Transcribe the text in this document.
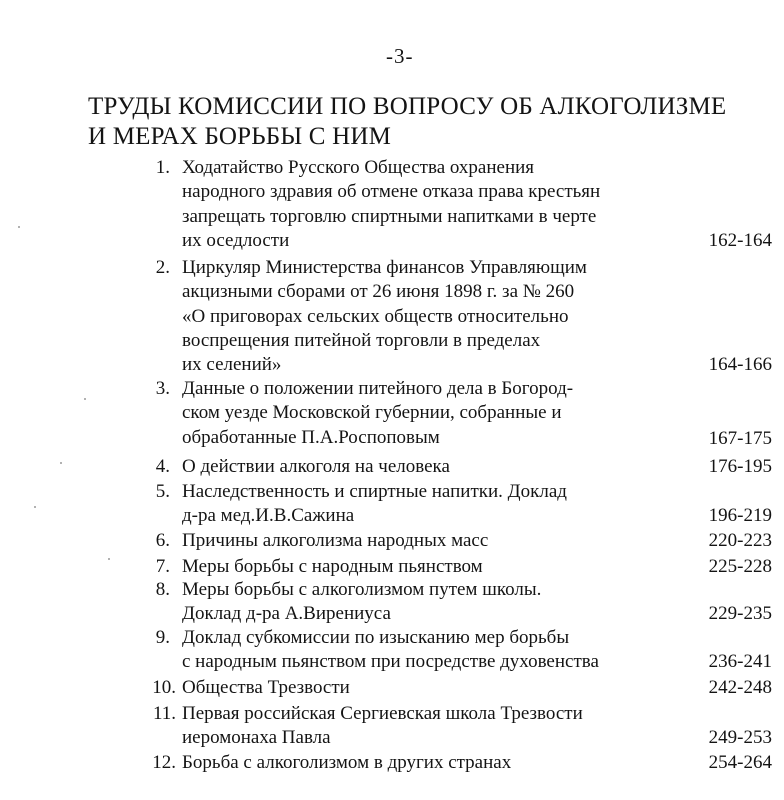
-3-
ТРУДЫ КОМИССИИ ПО ВОПРОСУ ОБ АЛКОГОЛИЗМЕ
И МЕРАХ БОРЬБЫ С НИМ
1. Ходатайство Русского Общества охранения
народного здравия об отмене отказа права крестьян
запрещать торговлю спиртными напитками в черте
их оседлости	162-164
2. Циркуляр Министерства финансов Управляющим
акцизными сборами от 26 июня 1898 г. за № 260
«О приговорах сельских обществ относительно
воспрещения питейной торговли в пределах
их селений»	164-166
3. Данные о положении питейного дела в Богород-
ском уезде Московской губернии, собранные и
обработанные П.А.Роспоповым	167-175
4. О действии алкоголя на человека	176-195
5. Наследственность и спиртные напитки. Доклад
д-ра мед.И.В.Сажина	196-219
6. Причины алкоголизма народных масс	220-223
7. Меры борьбы с народным пьянством	225-228
8. Меры борьбы с алкоголизмом путем школы.
Доклад д-ра А.Вирениуса	229-235
9. Доклад субкомиссии по изысканию мер борьбы
с народным пьянством при посредстве духовенства	236-241
10. Общества Трезвости	242-248
11. Первая российская Сергиевская школа Трезвости
иеромонаха Павла	249-253
12. Борьба с алкоголизмом в других странах	254-264
